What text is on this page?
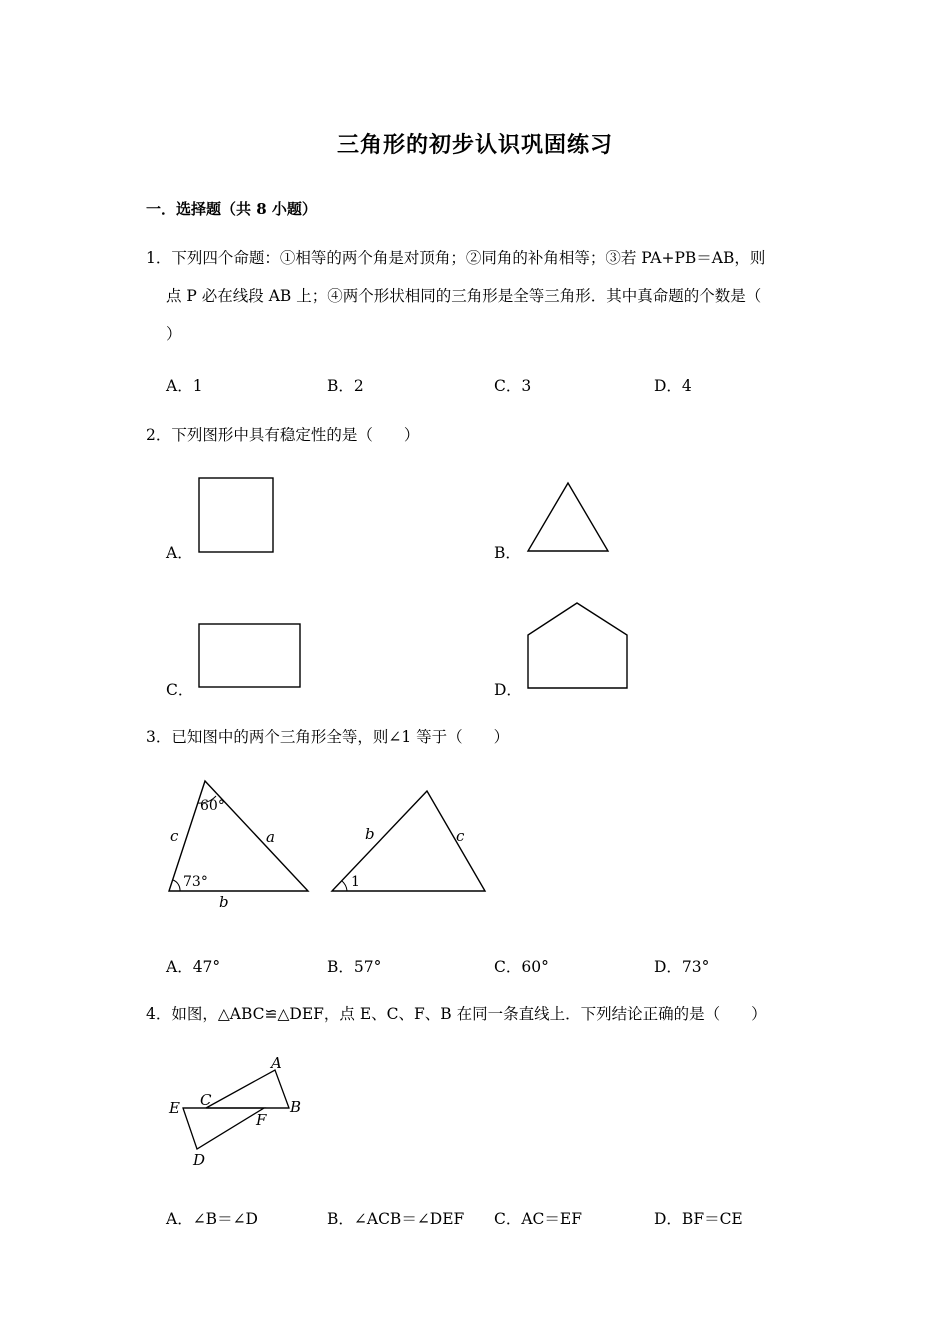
三角形的初步认识巩固练习
一．选择题（共 8 小题）
1．下列四个命题：①相等的两个角是对顶角；②同角的补角相等；③若 PA+PB＝AB，则
点 P 必在线段 AB 上；④两个形状相同的三角形是全等三角形．其中真命题的个数是（
）
A．1	B．2	C．3	D．4
2．下列图形中具有稳定性的是（　　）
A．	B．
C．	D．
3．已知图中的两个三角形全等，则∠1 等于（　　）
60°
c	a
73°
b
b	c
1
A．47°	B．57°	C．60°	D．73°
4．如图，△ABC≌△DEF，点 E、C、F、B 在同一条直线上．下列结论正确的是（　　）
A
E C	B
F
D
A．∠B＝∠D	B．∠ACB＝∠DEF C．AC＝EF	D．BF＝CE
